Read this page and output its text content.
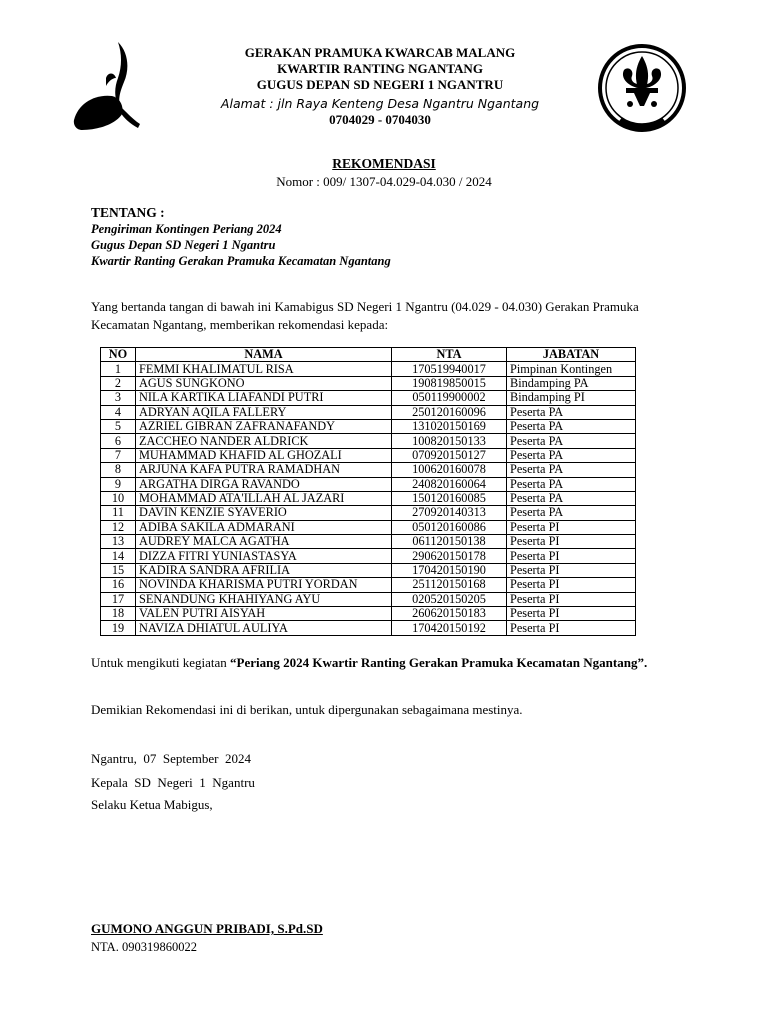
GERAKAN PRAMUKA KWARCAB MALANG
KWARTIR RANTING NGANTANG
GUGUS DEPAN SD NEGERI 1 NGANTRU
Alamat : jln Raya Kenteng Desa Ngantru Ngantang
0704029 - 0704030
REKOMENDASI
Nomor : 009/ 1307-04.029-04.030 / 2024
TENTANG :
Pengiriman Kontingen Periang 2024
Gugus Depan SD Negeri 1 Ngantru
Kwartir Ranting Gerakan Pramuka Kecamatan Ngantang
Yang bertanda tangan di bawah ini Kamabigus SD Negeri 1 Ngantru (04.029 - 04.030) Gerakan Pramuka Kecamatan Ngantang, memberikan rekomendasi kepada:
NO	NAMA	NTA	JABATAN
1	FEMMI KHALIMATUL RISA	170519940017	Pimpinan Kontingen
2	AGUS SUNGKONO	190819850015	Bindamping PA
3	NILA KARTIKA LIAFANDI PUTRI	050119900002	Bindamping PI
4	ADRYAN AQILA FALLERY	250120160096	Peserta PA
5	AZRIEL GIBRAN ZAFRANAFANDY	131020150169	Peserta PA
6	ZACCHEO NANDER ALDRICK	100820150133	Peserta PA
7	MUHAMMAD KHAFID AL GHOZALI	070920150127	Peserta PA
8	ARJUNA KAFA PUTRA RAMADHAN	100620160078	Peserta PA
9	ARGATHA DIRGA RAVANDO	240820160064	Peserta PA
10	MOHAMMAD ATA'ILLAH AL JAZARI	150120160085	Peserta PA
11	DAVIN KENZIE SYAVERIO	270920140313	Peserta PA
12	ADIBA SAKILA ADMARANI	050120160086	Peserta PI
13	AUDREY MALCA AGATHA	061120150138	Peserta PI
14	DIZZA FITRI YUNIASTASYA	290620150178	Peserta PI
15	KADIRA SANDRA AFRILIA	170420150190	Peserta PI
16	NOVINDA KHARISMA PUTRI YORDAN	251120150168	Peserta PI
17	SENANDUNG KHAHIYANG AYU	020520150205	Peserta PI
18	VALEN PUTRI AISYAH	260620150183	Peserta PI
19	NAVIZA DHIATUL AULIYA	170420150192	Peserta PI
Untuk mengikuti kegiatan “Periang 2024 Kwartir Ranting Gerakan Pramuka Kecamatan Ngantang”.
Demikian Rekomendasi ini di berikan, untuk dipergunakan sebagaimana mestinya.
Ngantru,  07  September  2024
Kepala  SD  Negeri  1  Ngantru
Selaku Ketua Mabigus,
GUMONO ANGGUN PRIBADI, S.Pd.SD
NTA. 090319860022
